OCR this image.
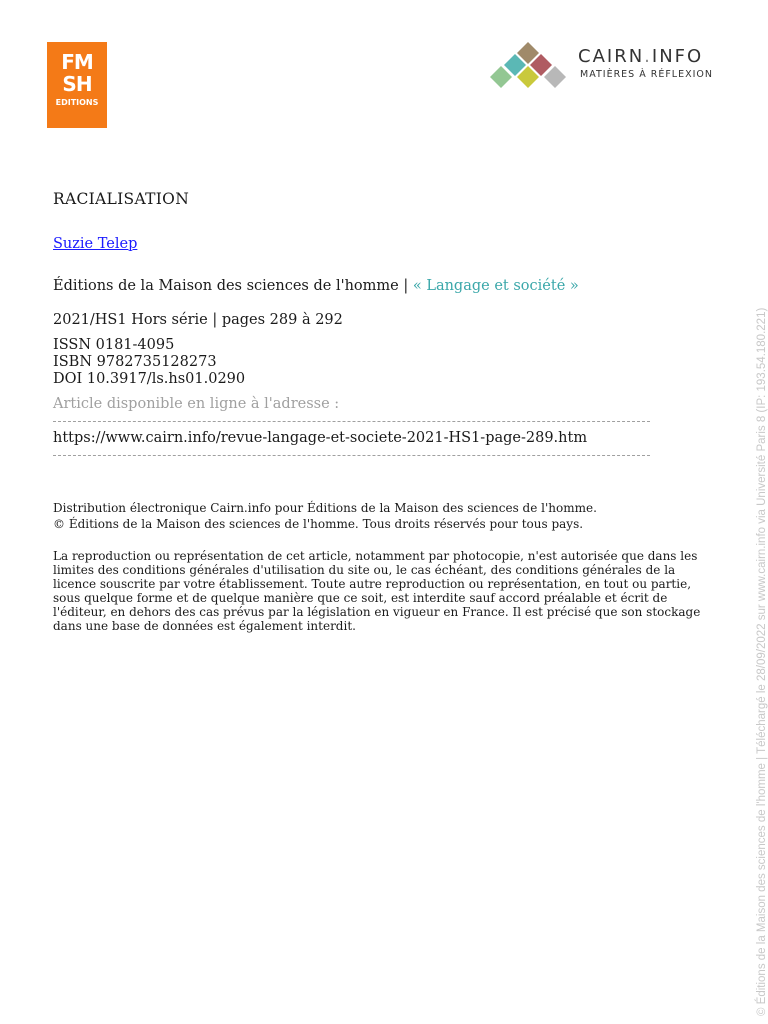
FM
SH
EDITIONS
CAIRN.INFO
MATIÈRES À RÉFLEXION
RACIALISATION
Suzie Telep
Éditions de la Maison des sciences de l'homme | « Langage et société »
2021/HS1 Hors série | pages 289 à 292
ISSN 0181-4095
ISBN 9782735128273
DOI 10.3917/ls.hs01.0290
Article disponible en ligne à l'adresse :
https://www.cairn.info/revue-langage-et-societe-2021-HS1-page-289.htm
Distribution électronique Cairn.info pour Éditions de la Maison des sciences de l'homme.
© Éditions de la Maison des sciences de l'homme. Tous droits réservés pour tous pays.
La reproduction ou représentation de cet article, notamment par photocopie, n'est autorisée que dans les limites des conditions générales d'utilisation du site ou, le cas échéant, des conditions générales de la licence souscrite par votre établissement. Toute autre reproduction ou représentation, en tout ou partie, sous quelque forme et de quelque manière que ce soit, est interdite sauf accord préalable et écrit de l'éditeur, en dehors des cas prévus par la législation en vigueur en France. Il est précisé que son stockage dans une base de données est également interdit.	© Éditions de la Maison des sciences de l'homme | Téléchargé le 28/09/2022 sur www.cairn.info via Université Paris 8 (IP: 193.54.180.221)
